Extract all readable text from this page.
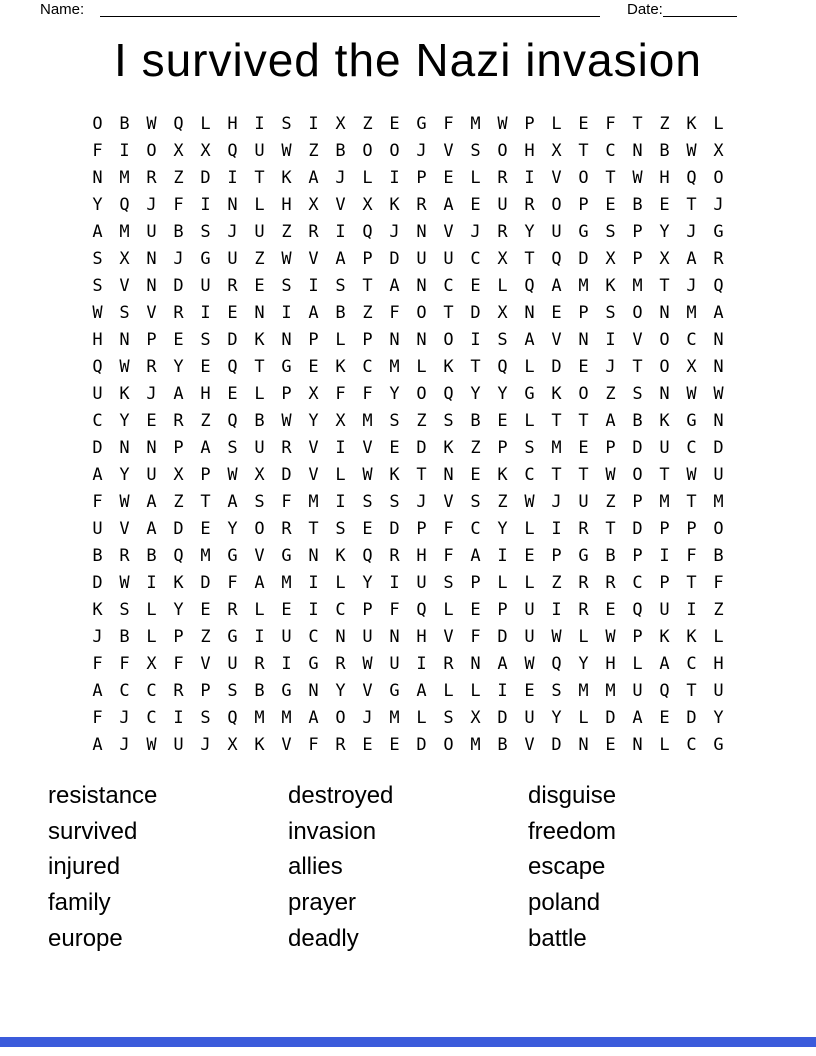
Name:	Date:
I survived the Nazi invasion
O B W Q L H I S I X Z E G F M W P L E F T Z K L
F I O X X Q U W Z B O O J V S O H X T C N B W X
N M R Z D I T K A J L I P E L R I V O T W H Q O
Y Q J F I N L H X V X K R A E U R O P E B E T J
A M U B S J U Z R I Q J N V J R Y U G S P Y J G
S X N J G U Z W V A P D U U C X T Q D X P X A R
S V N D U R E S I S T A N C E L Q A M K M T J Q
W S V R I E N I A B Z F O T D X N E P S O N M A
H N P E S D K N P L P N N O I S A V N I V O C N
Q W R Y E Q T G E K C M L K T Q L D E J T O X N
U K J A H E L P X F F Y O Q Y Y G K O Z S N W W
C Y E R Z Q B W Y X M S Z S B E L T T A B K G N
D N N P A S U R V I V E D K Z P S M E P D U C D
A Y U X P W X D V L W K T N E K C T T W O T W U
F W A Z T A S F M I S S J V S Z W J U Z P M T M
U V A D E Y O R T S E D P F C Y L I R T D P P O
B R B Q M G V G N K Q R H F A I E P G B P I F B
D W I K D F A M I L Y I U S P L L Z R R C P T F
K S L Y E R L E I C P F Q L E P U I R E Q U I Z
J B L P Z G I U C N U N H V F D U W L W P K K L
F F X F V U R I G R W U I R N A W Q Y H L A C H
A C C R P S B G N Y V G A L L I E S M M U Q T U
F J C I S Q M M A O J M L S X D U Y L D A E D Y
A J W U J X K V F R E E D O M B V D N E N L C G
resistance
survived
injured
family
europe
destroyed
invasion
allies
prayer
deadly
disguise
freedom
escape
poland
battle
